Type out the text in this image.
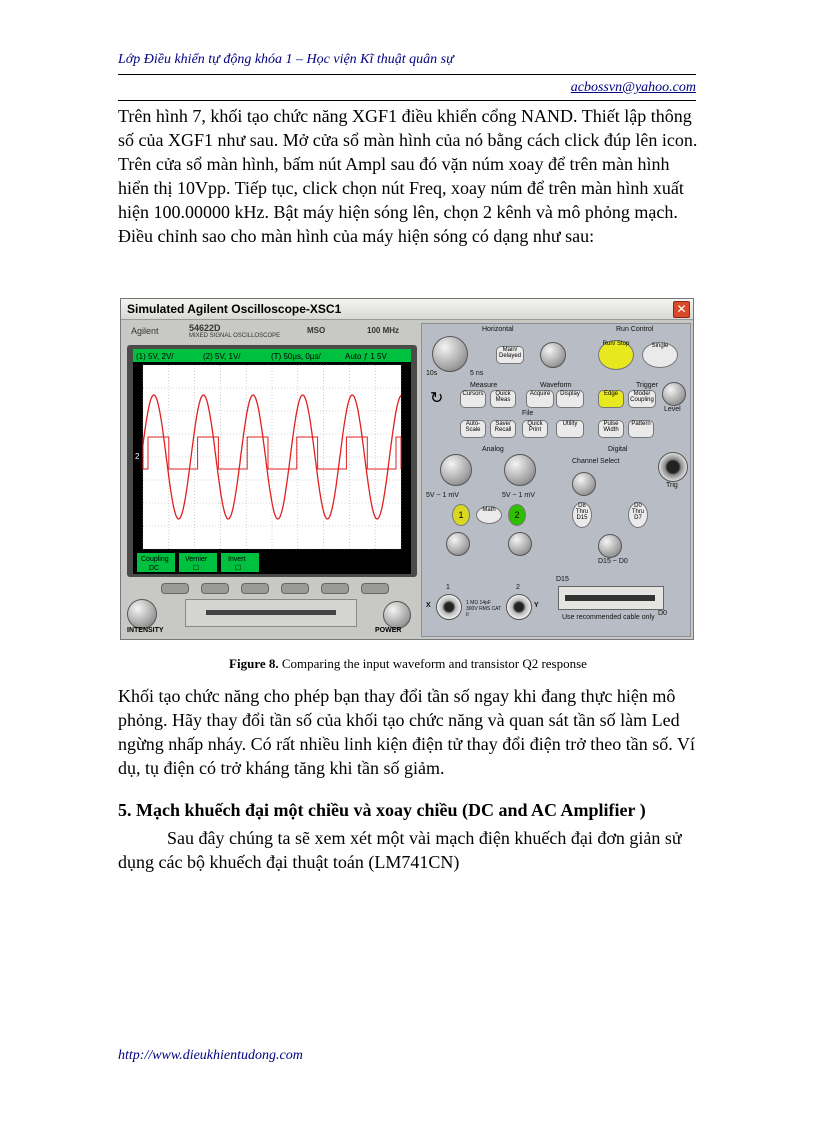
Lớp Điều khiển tự động khóa 1 – Học viện Kĩ thuật quân sự
acbossvn@yahoo.com
Trên hình 7, khối tạo chức năng XGF1 điều khiển cổng NAND. Thiết lập thông số của XGF1 như sau. Mở cửa sổ màn hình của nó bằng cách click đúp lên icon. Trên cửa sổ màn hình, bấm nút Ampl sau đó vặn núm xoay để trên màn hình hiển thị 10Vpp. Tiếp tục, click chọn nút Freq, xoay núm để trên màn hình xuất hiện 100.00000 kHz. Bật máy hiện sóng lên, chọn 2 kênh và mô phỏng mạch. Điều chỉnh sao cho màn hình của máy hiện sóng có dạng như sau:
Simulated Agilent Oscilloscope-XSC1	✕
Agilent	54622D
MIXED SIGNAL OSCILLOSCOPE
MSO	100 MHz
(1) 5V, 2V/	(2) 5V, 1V/	(T) 50µs, 0µs/	Auto ƒ 1 5V
2
Coupling
DC
Vernier
☐
Invert
☐
INTENSITY	POWER
Horizontal	Run Control
10s	5 ns
Main/ Delayed
Run/ Stop	Single
Measure	Waveform	Trigger
↻	Cursors	Quick Meas
Acquire	Display	Edge	Mode/ Coupling
Level
File
Auto-Scale
Save/ Recall
Quick Print
Utility	Pulse Width
Pattern
Trig
Analog	Digital
5V ~ 1 mV	5V ~ 1 mV
1	Math	2
Channel Select
D8 Thru D15
D0 Thru D7
D15 ~ D0
1
X	1 MΩ 14pF 300V RMS CAT II
2
Y
D15
D0
Use recommended cable only
Figure 8. Comparing the input waveform and transistor Q2 response
Khối tạo chức năng cho phép bạn thay đổi tần số ngay khi đang thực hiện mô phỏng. Hãy thay đổi tần số của khối tạo chức năng và quan sát tần số làm Led ngừng nhấp nháy. Có rất nhiều linh kiện điện tử thay đổi điện trở theo tần số. Ví dụ, tụ điện có trở kháng tăng khi tần số giảm.
5. Mạch khuếch đại một chiều và xoay chiều (DC and AC Amplifier )
Sau đây chúng ta sẽ xem xét một vài mạch điện khuếch đại đơn giản sử dụng các bộ khuếch đại thuật toán (LM741CN)
http://www.dieukhientudong.com
